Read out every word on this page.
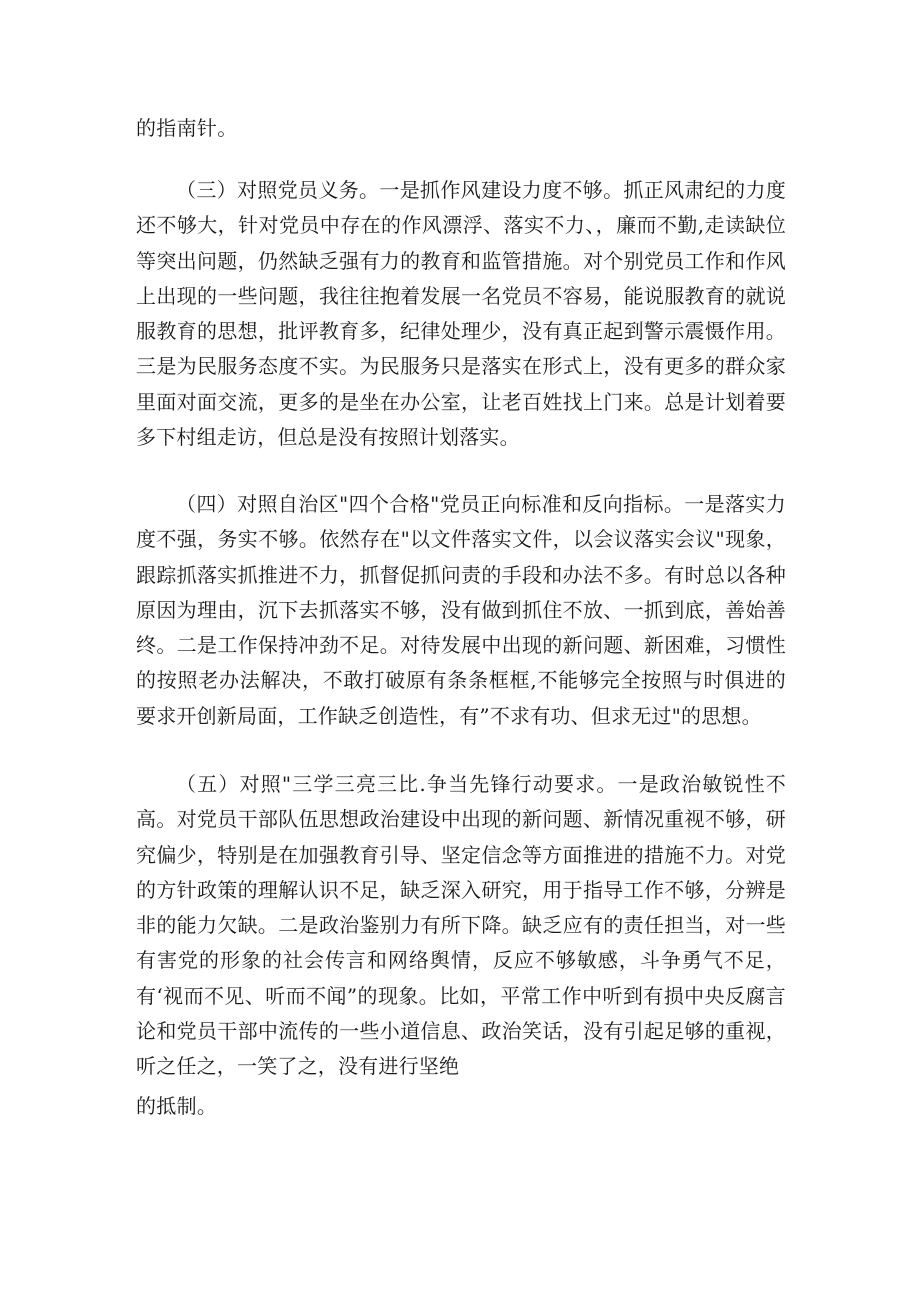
的指南针。

（三）对照党员义务。一是抓作风建设力度不够。抓正风肃纪的力度还不够大，针对党员中存在的作风漂浮、落实不力、，廉而不勤,走读缺位等突出问题，仍然缺乏强有力的教育和监管措施。对个别党员工作和作风上出现的一些问题，我往往抱着发展一名党员不容易，能说服教育的就说服教育的思想，批评教育多，纪律处理少，没有真正起到警示震慑作用。三是为民服务态度不实。为民服务只是落实在形式上，没有更多的群众家里面对面交流，更多的是坐在办公室，让老百姓找上门来。总是计划着要多下村组走访，但总是没有按照计划落实。

（四）对照自治区"四个合格"党员正向标准和反向指标。一是落实力度不强，务实不够。依然存在"以文件落实文件，以会议落实会议"现象，跟踪抓落实抓推进不力，抓督促抓问责的手段和办法不多。有时总以各种原因为理由，沉下去抓落实不够，没有做到抓住不放、一抓到底，善始善终。二是工作保持冲劲不足。对待发展中出现的新问题、新困难，习惯性的按照老办法解决，不敢打破原有条条框框,不能够完全按照与时俱进的要求开创新局面，工作缺乏创造性，有”不求有功、但求无过"的思想。

（五）对照"三学三亮三比.争当先锋行动要求。一是政治敏锐性不高。对党员干部队伍思想政治建设中出现的新问题、新情况重视不够，研究偏少，特别是在加强教育引导、坚定信念等方面推进的措施不力。对党的方针政策的理解认识不足，缺乏深入研究，用于指导工作不够，分辨是非的能力欠缺。二是政治鉴别力有所下降。缺乏应有的责任担当，对一些有害党的形象的社会传言和网络舆情，反应不够敏感，斗争勇气不足，有‘视而不见、听而不闻”的现象。比如，平常工作中听到有损中央反腐言论和党员干部中流传的一些小道信息、政治笑话，没有引起足够的重视，听之任之，一笑了之，没有进行坚绝

的抵制。
